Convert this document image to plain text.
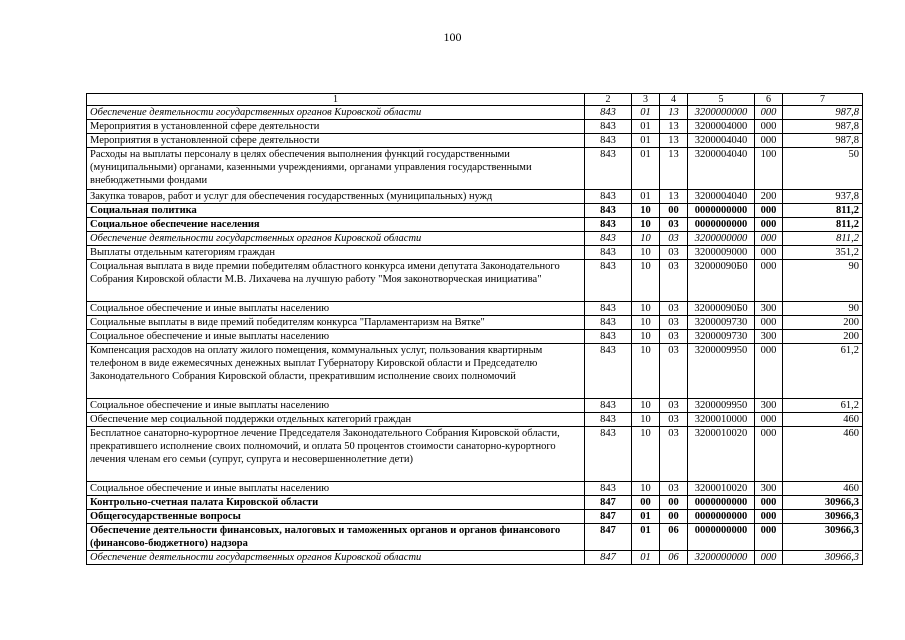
100
1	2	3	4	5	6	7
Обеспечение деятельности государственных органов Кировской области	843	01	13	3200000000	000	987,8
Мероприятия в установленной сфере деятельности	843	01	13	3200004000	000	987,8
Мероприятия в установленной сфере деятельности	843	01	13	3200004040	000	987,8
Расходы на выплаты персоналу в целях обеспечения выполнения функций государственными (муниципальными) органами, казенными учреждениями, органами управления государственными внебюджетными фондами	843	01	13	3200004040	100	50
Закупка товаров, работ и услуг для обеспечения государственных (муниципальных) нужд	843	01	13	3200004040	200	937,8
Социальная политика	843	10	00	0000000000	000	811,2
Социальное обеспечение населения	843	10	03	0000000000	000	811,2
Обеспечение деятельности государственных органов Кировской области	843	10	03	3200000000	000	811,2
Выплаты отдельным категориям граждан	843	10	03	3200009000	000	351,2
Социальная выплата в виде премии победителям областного конкурса имени депутата Законодательного Собрания Кировской области М.В. Лихачева на лучшую работу "Моя законотворческая инициатива"	843	10	03	32000090Б0	000	90
Социальное обеспечение и иные выплаты населению	843	10	03	32000090Б0	300	90
Социальные выплаты в виде премий победителям конкурса "Парламентаризм на Вятке"	843	10	03	3200009730	000	200
Социальное обеспечение и иные выплаты населению	843	10	03	3200009730	300	200
Компенсация расходов на оплату жилого помещения, коммунальных услуг, пользования квартирным телефоном в виде ежемесячных денежных выплат Губернатору Кировской области и Председателю Законодательного Собрания Кировской области, прекратившим исполнение своих полномочий	843	10	03	3200009950	000	61,2
Социальное обеспечение и иные выплаты населению	843	10	03	3200009950	300	61,2
Обеспечение мер социальной поддержки отдельных категорий граждан	843	10	03	3200010000	000	460
Бесплатное санаторно-курортное лечение Председателя Законодательного Собрания Кировской области, прекратившего исполнение своих полномочий, и оплата 50 процентов стоимости санаторно-курортного лечения членам его семьи (супруг, супруга и несовершеннолетние дети)	843	10	03	3200010020	000	460
Социальное обеспечение и иные выплаты населению	843	10	03	3200010020	300	460
Контрольно-счетная палата Кировской области	847	00	00	0000000000	000	30966,3
Общегосударственные вопросы	847	01	00	0000000000	000	30966,3
Обеспечение деятельности финансовых, налоговых и таможенных органов и органов финансового (финансово-бюджетного) надзора	847	01	06	0000000000	000	30966,3
Обеспечение деятельности государственных органов Кировской области	847	01	06	3200000000	000	30966,3
